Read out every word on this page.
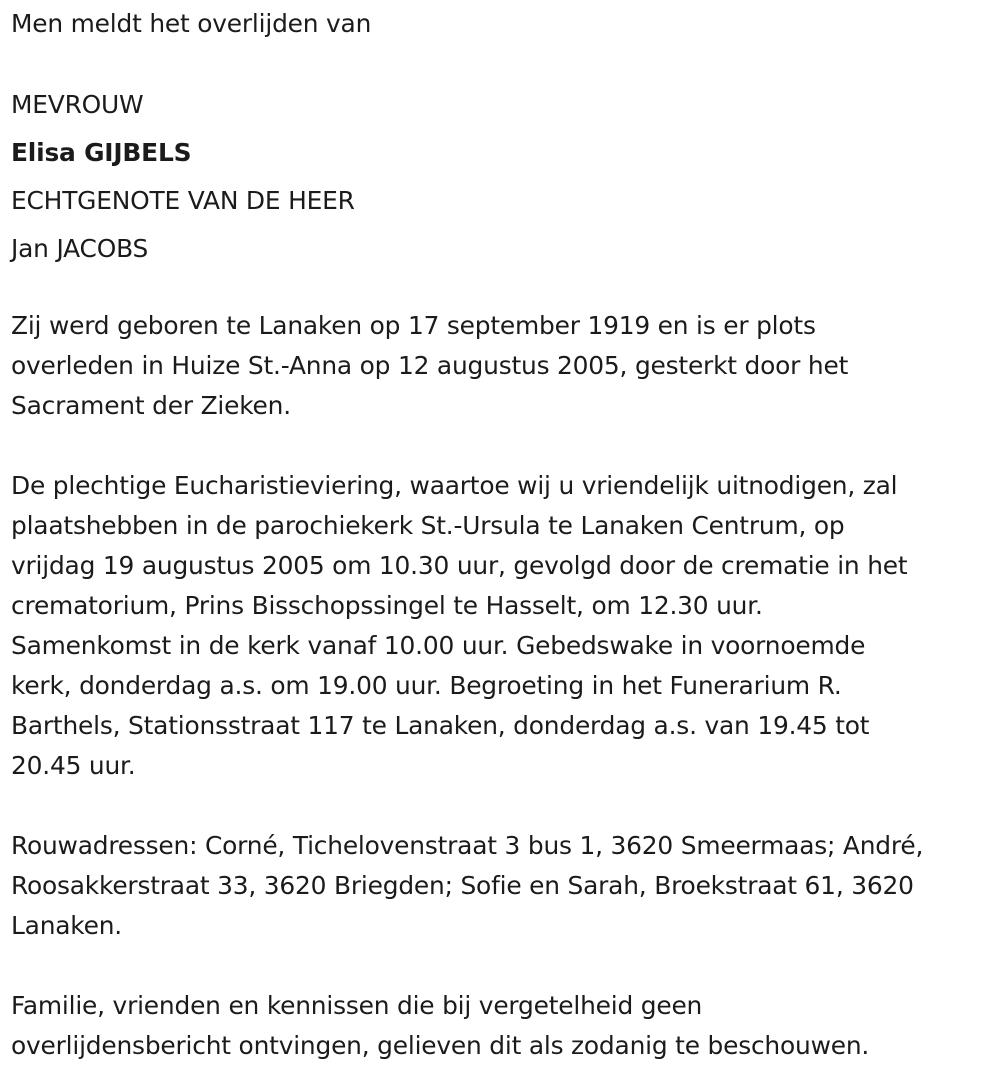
Men meldt het overlijden van
MEVROUW
Elisa GIJBELS
ECHTGENOTE VAN DE HEER
Jan JACOBS
Zij werd geboren te Lanaken op 17 september 1919 en is er plots
overleden in Huize St.-Anna op 12 augustus 2005, gesterkt door het
Sacrament der Zieken.
De plechtige Eucharistieviering, waartoe wij u vriendelijk uitnodigen, zal
plaatshebben in de parochiekerk St.-Ursula te Lanaken Centrum, op
vrijdag 19 augustus 2005 om 10.30 uur, gevolgd door de crematie in het
crematorium, Prins Bisschopssingel te Hasselt, om 12.30 uur.
Samenkomst in de kerk vanaf 10.00 uur. Gebedswake in voornoemde
kerk, donderdag a.s. om 19.00 uur. Begroeting in het Funerarium R.
Barthels, Stationsstraat 117 te Lanaken, donderdag a.s. van 19.45 tot
20.45 uur.
Rouwadressen: Corné, Tichelovenstraat 3 bus 1, 3620 Smeermaas; André,
Roosakkerstraat 33, 3620 Briegden; Sofie en Sarah, Broekstraat 61, 3620
Lanaken.
Familie, vrienden en kennissen die bij vergetelheid geen
overlijdensbericht ontvingen, gelieven dit als zodanig te beschouwen.
